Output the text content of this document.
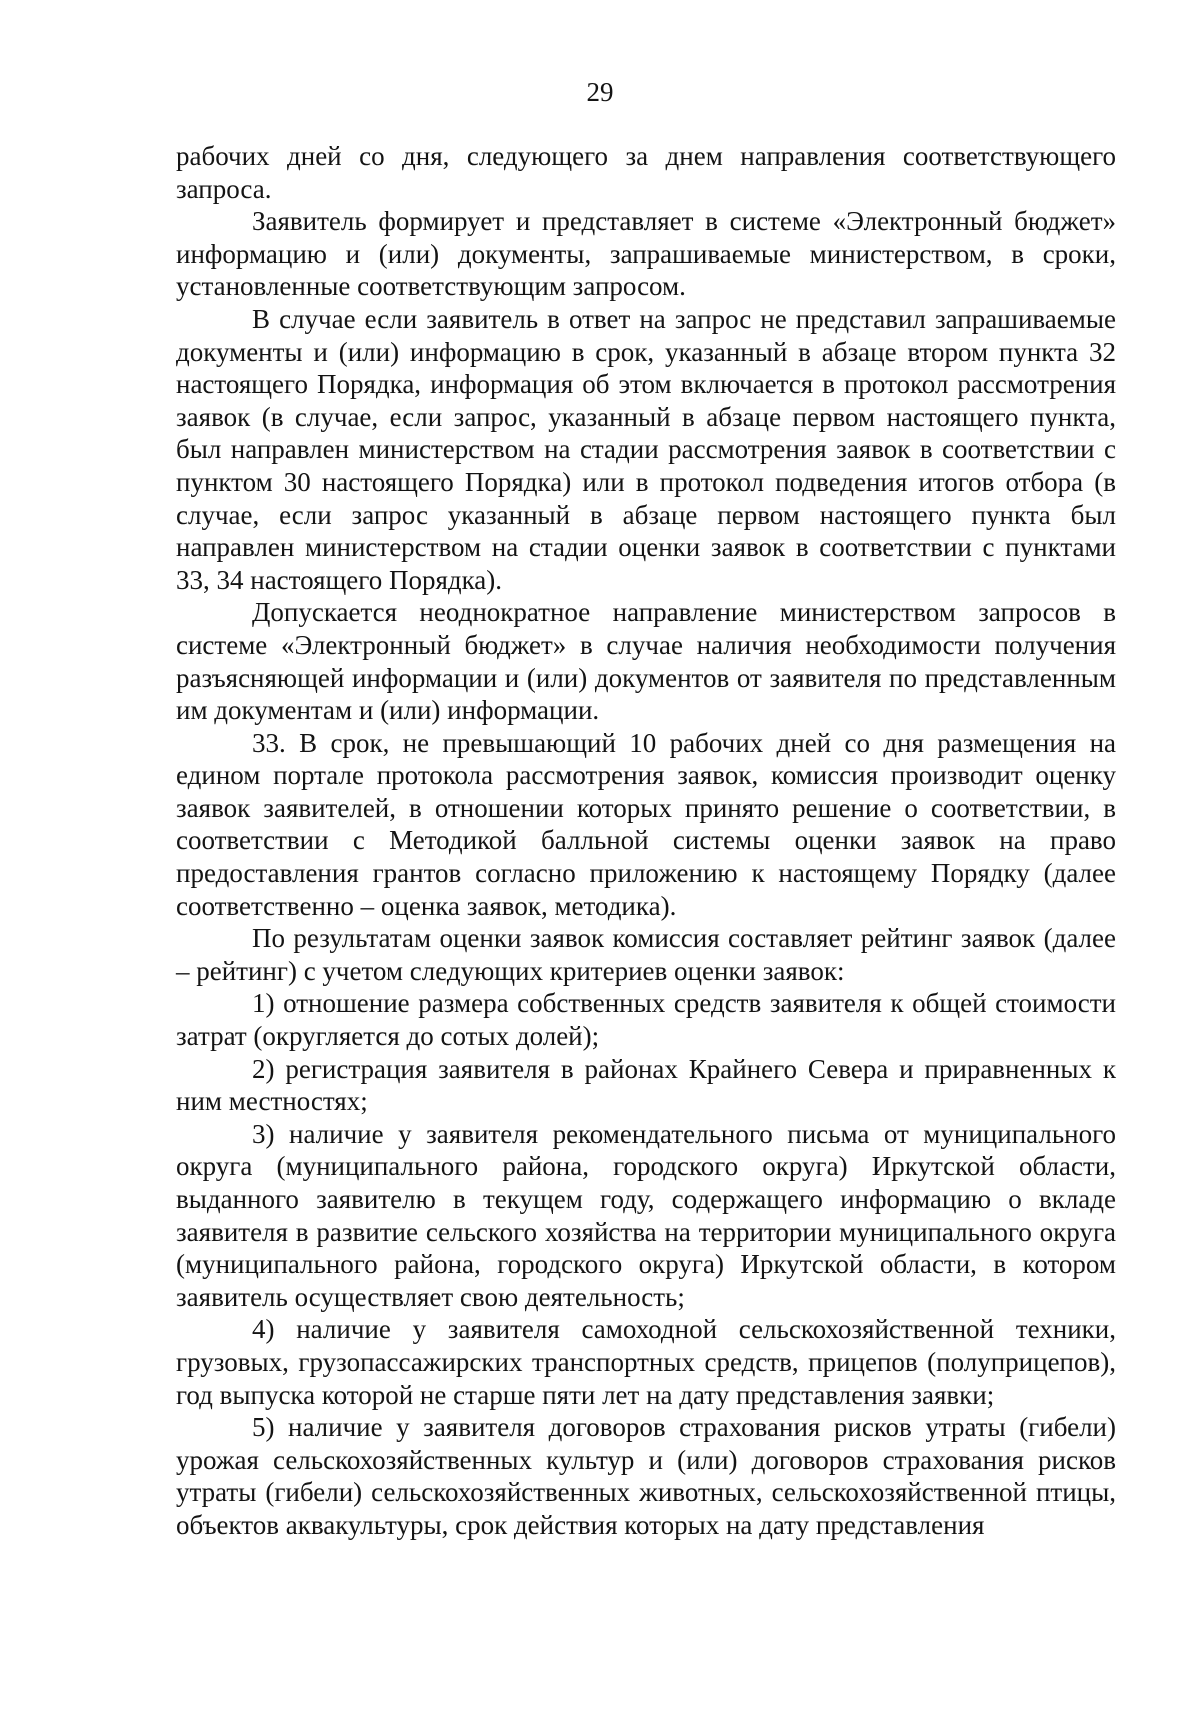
29

рабочих дней со дня, следующего за днем направления соответствующего запроса.

Заявитель формирует и представляет в системе «Электронный бюджет» информацию и (или) документы, запрашиваемые министерством, в сроки, установленные соответствующим запросом.

В случае если заявитель в ответ на запрос не представил запрашиваемые документы и (или) информацию в срок, указанный в абзаце втором пункта 32 настоящего Порядка, информация об этом включается в протокол рассмотрения заявок (в случае, если запрос, указанный в абзаце первом настоящего пункта, был направлен министерством на стадии рассмотрения заявок в соответствии с пунктом 30 настоящего Порядка) или в протокол подведения итогов отбора (в случае, если запрос указанный в абзаце первом настоящего пункта был направлен министерством на стадии оценки заявок в соответствии с пунктами 33, 34 настоящего Порядка).

Допускается неоднократное направление министерством запросов в системе «Электронный бюджет» в случае наличия необходимости получения разъясняющей информации и (или) документов от заявителя по представленным им документам и (или) информации.

33. В срок, не превышающий 10 рабочих дней со дня размещения на едином портале протокола рассмотрения заявок, комиссия производит оценку заявок заявителей, в отношении которых принято решение о соответствии, в соответствии с Методикой балльной системы оценки заявок на право предоставления грантов согласно приложению к настоящему Порядку (далее соответственно – оценка заявок, методика).

По результатам оценки заявок комиссия составляет рейтинг заявок (далее – рейтинг) с учетом следующих критериев оценки заявок:

1) отношение размера собственных средств заявителя к общей стоимости затрат (округляется до сотых долей);

2) регистрация заявителя в районах Крайнего Севера и приравненных к ним местностях;

3) наличие у заявителя рекомендательного письма от муниципального округа (муниципального района, городского округа) Иркутской области, выданного заявителю в текущем году, содержащего информацию о вкладе заявителя в развитие сельского хозяйства на территории муниципального округа (муниципального района, городского округа) Иркутской области, в котором заявитель осуществляет свою деятельность;

4) наличие у заявителя самоходной сельскохозяйственной техники, грузовых, грузопассажирских транспортных средств, прицепов (полуприцепов), год выпуска которой не старше пяти лет на дату представления заявки;

5) наличие у заявителя договоров страхования рисков утраты (гибели) урожая сельскохозяйственных культур и (или) договоров страхования рисков утраты (гибели) сельскохозяйственных животных, сельскохозяйственной птицы, объектов аквакультуры, срок действия которых на дату представления
